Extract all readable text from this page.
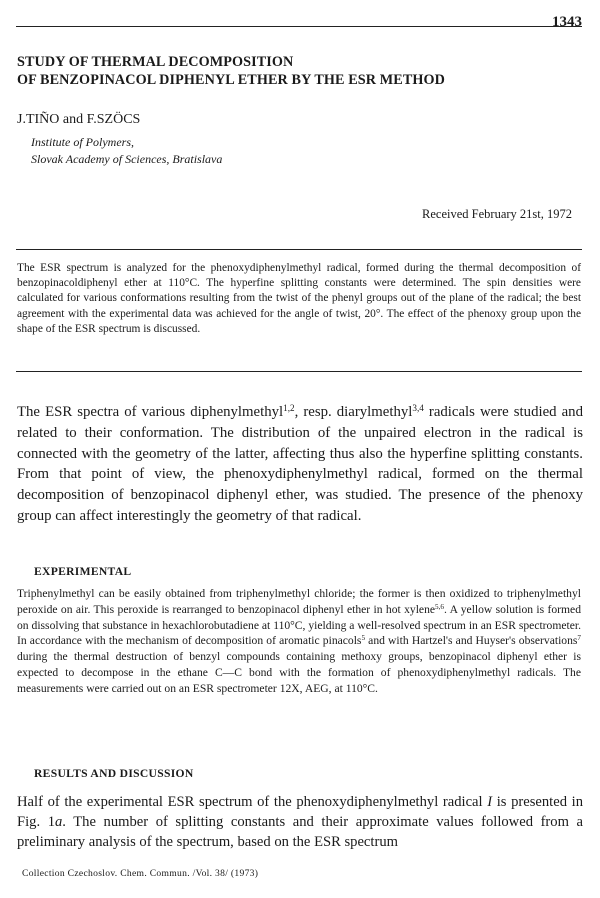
1343
STUDY OF THERMAL DECOMPOSITION
OF BENZOPINACOL DIPHENYL ETHER BY THE ESR METHOD
J.TIÑO and F.SZÖCS
Institute of Polymers,
Slovak Academy of Sciences, Bratislava
Received February 21st, 1972
The ESR spectrum is analyzed for the phenoxydiphenylmethyl radical, formed during the thermal decomposition of benzopinacoldiphenyl ether at 110°C. The hyperfine splitting constants were determined. The spin densities were calculated for various conformations resulting from the twist of the phenyl groups out of the plane of the radical; the best agreement with the experimental data was achieved for the angle of twist, 20°. The effect of the phenoxy group upon the shape of the ESR spectrum is discussed.
The ESR spectra of various diphenylmethyl$^{1,2}$, resp. diarylmethyl$^{3,4}$ radicals were studied and related to their conformation. The distribution of the unpaired electron in the radical is connected with the geometry of the latter, affecting thus also the hyperfine splitting constants. From that point of view, the phenoxydiphenylmethyl radical, formed on the thermal decomposition of benzopinacol diphenyl ether, was studied. The presence of the phenoxy group can affect interestingly the geometry of that radical.
EXPERIMENTAL
Triphenylmethyl can be easily obtained from triphenylmethyl chloride; the former is then oxidized to triphenylmethyl peroxide on air. This peroxide is rearranged to benzopinacol diphenyl ether in hot xylene$^{5,6}$. A yellow solution is formed on dissolving that substance in hexachlorobutadiene at 110°C, yielding a well-resolved spectrum in an ESR spectrometer. In accordance with the mechanism of decomposition of aromatic pinacols$^5$ and with Hartzel's and Huyser's observations$^7$ during the thermal destruction of benzyl compounds containing methoxy groups, benzopinacol diphenyl ether is expected to decompose in the ethane C—C bond with the formation of phenoxydiphenylmethyl radicals. The measurements were carried out on an ESR spectrometer 12X, AEG, at 110°C.
RESULTS AND DISCUSSION
Half of the experimental ESR spectrum of the phenoxydiphenylmethyl radical I is presented in Fig. 1a. The number of splitting constants and their approximate values followed from a preliminary analysis of the spectrum, based on the ESR spectrum
Collection Czechoslov. Chem. Commun. /Vol. 38/ (1973)
